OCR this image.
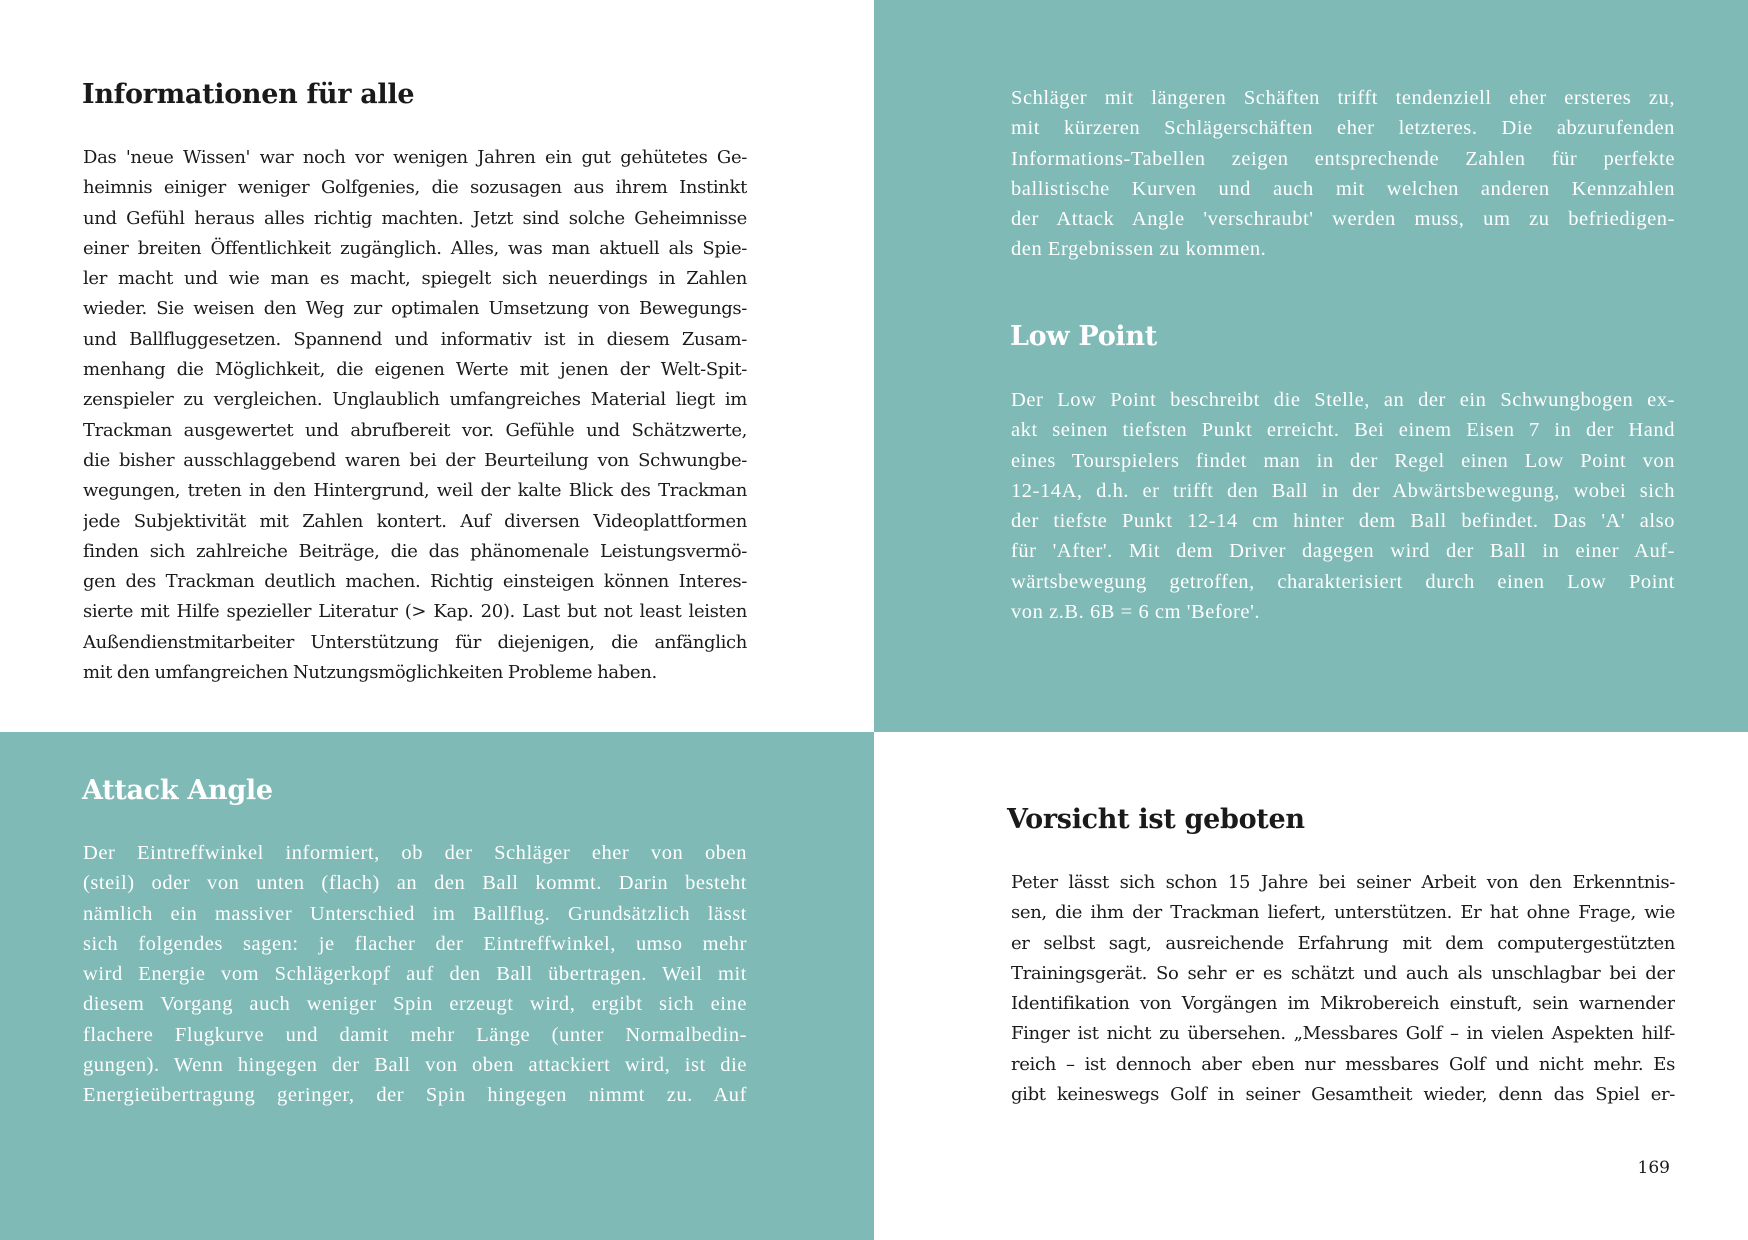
Informationen für alle
Das 'neue Wissen' war noch vor wenigen Jahren ein gut gehütetes Ge-
heimnis einiger weniger Golfgenies, die sozusagen aus ihrem Instinkt
und Gefühl heraus alles richtig machten. Jetzt sind solche Geheimnisse
einer breiten Öffentlichkeit zugänglich. Alles, was man aktuell als Spie-
ler macht und wie man es macht, spiegelt sich neuerdings in Zahlen
wieder. Sie weisen den Weg zur optimalen Umsetzung von Bewegungs-
und Ballfluggesetzen. Spannend und informativ ist in diesem Zusam-
menhang die Möglichkeit, die eigenen Werte mit jenen der Welt-Spit-
zenspieler zu vergleichen. Unglaublich umfangreiches Material liegt im
Trackman ausgewertet und abrufbereit vor. Gefühle und Schätzwerte,
die bisher ausschlaggebend waren bei der Beurteilung von Schwungbe-
wegungen, treten in den Hintergrund, weil der kalte Blick des Trackman
jede Subjektivität mit Zahlen kontert. Auf diversen Videoplattformen
finden sich zahlreiche Beiträge, die das phänomenale Leistungsvermö-
gen des Trackman deutlich machen. Richtig einsteigen können Interes-
sierte mit Hilfe spezieller Literatur (> Kap. 20). Last but not least leisten
Außendienstmitarbeiter Unterstützung für diejenigen, die anfänglich
mit den umfangreichen Nutzungsmöglichkeiten Probleme haben.
Schläger mit längeren Schäften trifft tendenziell eher ersteres zu,
mit kürzeren Schlägerschäften eher letzteres. Die abzurufenden
Informations-Tabellen zeigen entsprechende Zahlen für perfekte
ballistische Kurven und auch mit welchen anderen Kennzahlen
der Attack Angle 'verschraubt' werden muss, um zu befriedigen-
den Ergebnissen zu kommen.
Low Point
Der Low Point beschreibt die Stelle, an der ein Schwungbogen ex-
akt seinen tiefsten Punkt erreicht. Bei einem Eisen 7 in der Hand
eines Tourspielers findet man in der Regel einen Low Point von
12-14A, d.h. er trifft den Ball in der Abwärtsbewegung, wobei sich
der tiefste Punkt 12-14 cm hinter dem Ball befindet. Das 'A' also
für 'After'. Mit dem Driver dagegen wird der Ball in einer Auf-
wärtsbewegung getroffen, charakterisiert durch einen Low Point
von z.B. 6B = 6 cm 'Before'.
Attack Angle
Der Eintreffwinkel informiert, ob der Schläger eher von oben
(steil) oder von unten (flach) an den Ball kommt. Darin besteht
nämlich ein massiver Unterschied im Ballflug. Grundsätzlich lässt
sich folgendes sagen: je flacher der Eintreffwinkel, umso mehr
wird Energie vom Schlägerkopf auf den Ball übertragen. Weil mit
diesem Vorgang auch weniger Spin erzeugt wird, ergibt sich eine
flachere Flugkurve und damit mehr Länge (unter Normalbedin-
gungen). Wenn hingegen der Ball von oben attackiert wird, ist die
Energieübertragung geringer, der Spin hingegen nimmt zu. Auf
Vorsicht ist geboten
Peter lässt sich schon 15 Jahre bei seiner Arbeit von den Erkenntnis-
sen, die ihm der Trackman liefert, unterstützen. Er hat ohne Frage, wie
er selbst sagt, ausreichende Erfahrung mit dem computergestützten
Trainingsgerät. So sehr er es schätzt und auch als unschlagbar bei der
Identifikation von Vorgängen im Mikrobereich einstuft, sein warnender
Finger ist nicht zu übersehen. „Messbares Golf – in vielen Aspekten hilf-
reich – ist dennoch aber eben nur messbares Golf und nicht mehr. Es
gibt keineswegs Golf in seiner Gesamtheit wieder, denn das Spiel er-
169
